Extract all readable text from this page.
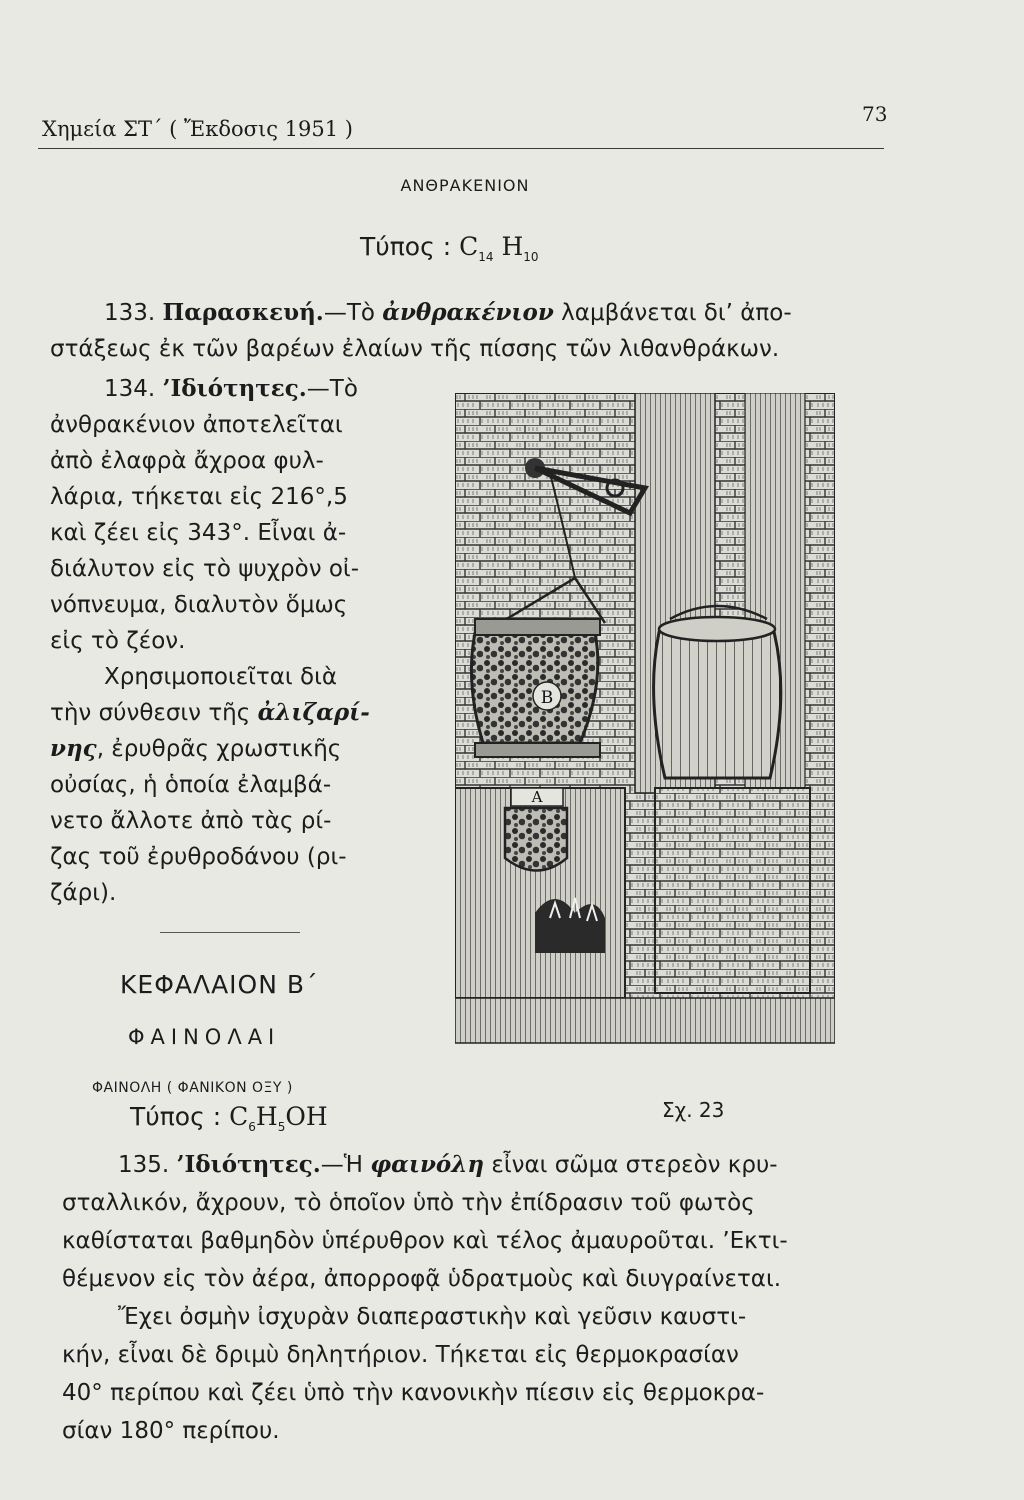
Χημεία ΣΤ΄ ( Ἔκδοσις 1951 )
73
ΑΝΘΡΑΚΕΝΙΟΝ
Τύπος : $C_{14}$ $H_{10}$
133. Παρασκευή.—Τὸ ἀνθρακένιον λαμβάνεται δι’ ἀπο-
στάξεως ἐκ τῶν βαρέων ἐλαίων τῆς πίσσης τῶν λιθανθράκων.
134. ’Ιδιότητες.—Τὸ
ἀνθρακένιον ἀποτελεῖται
ἀπὸ ἐλαφρὰ ἄχροα φυλ-
λάρια, τήκεται εἰς 216°,5
καὶ ζέει εἰς 343°. Εἶναι ἀ-
διάλυτον εἰς τὸ ψυχρὸν οἰ-
νόπνευμα, διαλυτὸν ὅμως
εἰς τὸ ζέον.
Χρησιμοποιεῖται διὰ
τὴν σύνθεσιν τῆς ἀλιζαρί-
νης, ἐρυθρᾶς χρωστικῆς
οὐσίας, ἡ ὁποία ἐλαμβά-
νετο ἄλλοτε ἀπὸ τὰς ρί-
ζας τοῦ ἐρυθροδάνου (ρι-
ζάρι).
B
A
Σχ. 23
ΚΕΦΑΛΑΙΟΝ Β΄
ΦΑΙΝΟΛΑΙ
ΦΑΙΝΟΛΗ ( ΦΑΝΙΚΟΝ ΟΞΥ )
Τύπος : $C_6H_5OH$
135. ’Ιδιότητες.—Ἡ φαινόλη εἶναι σῶμα στερεὸν κρυ-
σταλλικόν, ἄχρουν, τὸ ὁποῖον ὑπὸ τὴν ἐπίδρασιν τοῦ φωτὸς
καθίσταται βαθμηδὸν ὑπέρυθρον καὶ τέλος ἀμαυροῦται. ’Εκτι-
θέμενον εἰς τὸν ἀέρα, ἀπορροφᾷ ὑδρατμοὺς καὶ διυγραίνεται.
Ἔχει ὀσμὴν ἰσχυρὰν διαπεραστικὴν καὶ γεῦσιν καυστι-
κήν, εἶναι δὲ δριμὺ δηλητήριον. Τήκεται εἰς θερμοκρασίαν
40° περίπου καὶ ζέει ὑπὸ τὴν κανονικὴν πίεσιν εἰς θερμοκρα-
σίαν 180° περίπου.
